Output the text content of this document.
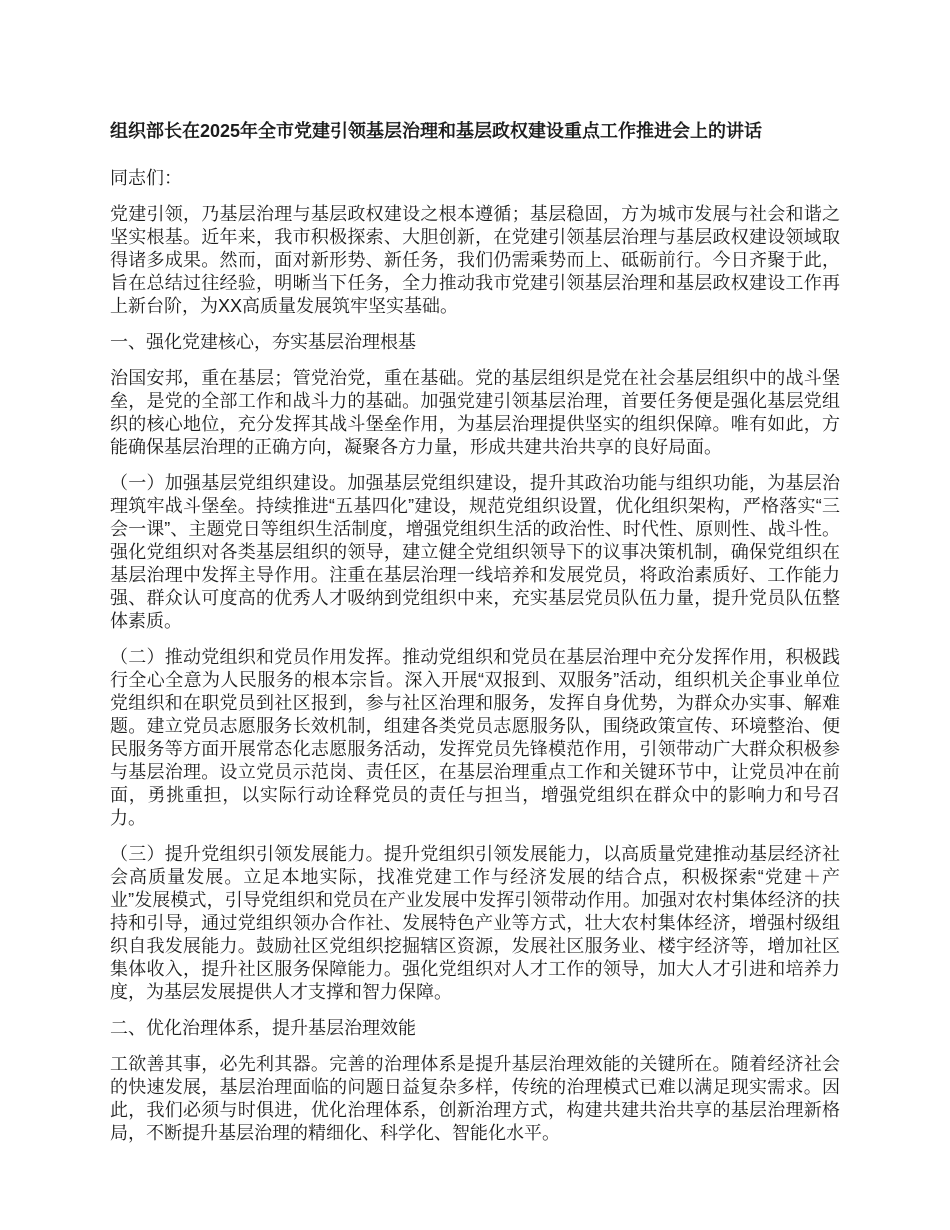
组织部长在2025年全市党建引领基层治理和基层政权建设重点工作推进会上的讲话

同志们：

党建引领，乃基层治理与基层政权建设之根本遵循；基层稳固，方为城市发展与社会和谐之坚实根基。近年来，我市积极探索、大胆创新，在党建引领基层治理与基层政权建设领域取得诸多成果。然而，面对新形势、新任务，我们仍需乘势而上、砥砺前行。今日齐聚于此，旨在总结过往经验，明晰当下任务，全力推动我市党建引领基层治理和基层政权建设工作再上新台阶，为XX高质量发展筑牢坚实基础。

一、强化党建核心，夯实基层治理根基

治国安邦，重在基层；管党治党，重在基础。党的基层组织是党在社会基层组织中的战斗堡垒，是党的全部工作和战斗力的基础。加强党建引领基层治理，首要任务便是强化基层党组织的核心地位，充分发挥其战斗堡垒作用，为基层治理提供坚实的组织保障。唯有如此，方能确保基层治理的正确方向，凝聚各方力量，形成共建共治共享的良好局面。

（一）加强基层党组织建设。加强基层党组织建设，提升其政治功能与组织功能，为基层治理筑牢战斗堡垒。持续推进“五基四化”建设，规范党组织设置，优化组织架构，严格落实“三会一课”、主题党日等组织生活制度，增强党组织生活的政治性、时代性、原则性、战斗性。强化党组织对各类基层组织的领导，建立健全党组织领导下的议事决策机制，确保党组织在基层治理中发挥主导作用。注重在基层治理一线培养和发展党员，将政治素质好、工作能力强、群众认可度高的优秀人才吸纳到党组织中来，充实基层党员队伍力量，提升党员队伍整体素质。

（二）推动党组织和党员作用发挥。推动党组织和党员在基层治理中充分发挥作用，积极践行全心全意为人民服务的根本宗旨。深入开展“双报到、双服务”活动，组织机关企事业单位党组织和在职党员到社区报到，参与社区治理和服务，发挥自身优势，为群众办实事、解难题。建立党员志愿服务长效机制，组建各类党员志愿服务队，围绕政策宣传、环境整治、便民服务等方面开展常态化志愿服务活动，发挥党员先锋模范作用，引领带动广大群众积极参与基层治理。设立党员示范岗、责任区，在基层治理重点工作和关键环节中，让党员冲在前面，勇挑重担，以实际行动诠释党员的责任与担当，增强党组织在群众中的影响力和号召力。

（三）提升党组织引领发展能力。提升党组织引领发展能力，以高质量党建推动基层经济社会高质量发展。立足本地实际，找准党建工作与经济发展的结合点，积极探索“党建＋产业”发展模式，引导党组织和党员在产业发展中发挥引领带动作用。加强对农村集体经济的扶持和引导，通过党组织领办合作社、发展特色产业等方式，壮大农村集体经济，增强村级组织自我发展能力。鼓励社区党组织挖掘辖区资源，发展社区服务业、楼宇经济等，增加社区集体收入，提升社区服务保障能力。强化党组织对人才工作的领导，加大人才引进和培养力度，为基层发展提供人才支撑和智力保障。

二、优化治理体系，提升基层治理效能

工欲善其事，必先利其器。完善的治理体系是提升基层治理效能的关键所在。随着经济社会的快速发展，基层治理面临的问题日益复杂多样，传统的治理模式已难以满足现实需求。因此，我们必须与时俱进，优化治理体系，创新治理方式，构建共建共治共享的基层治理新格局，不断提升基层治理的精细化、科学化、智能化水平。
